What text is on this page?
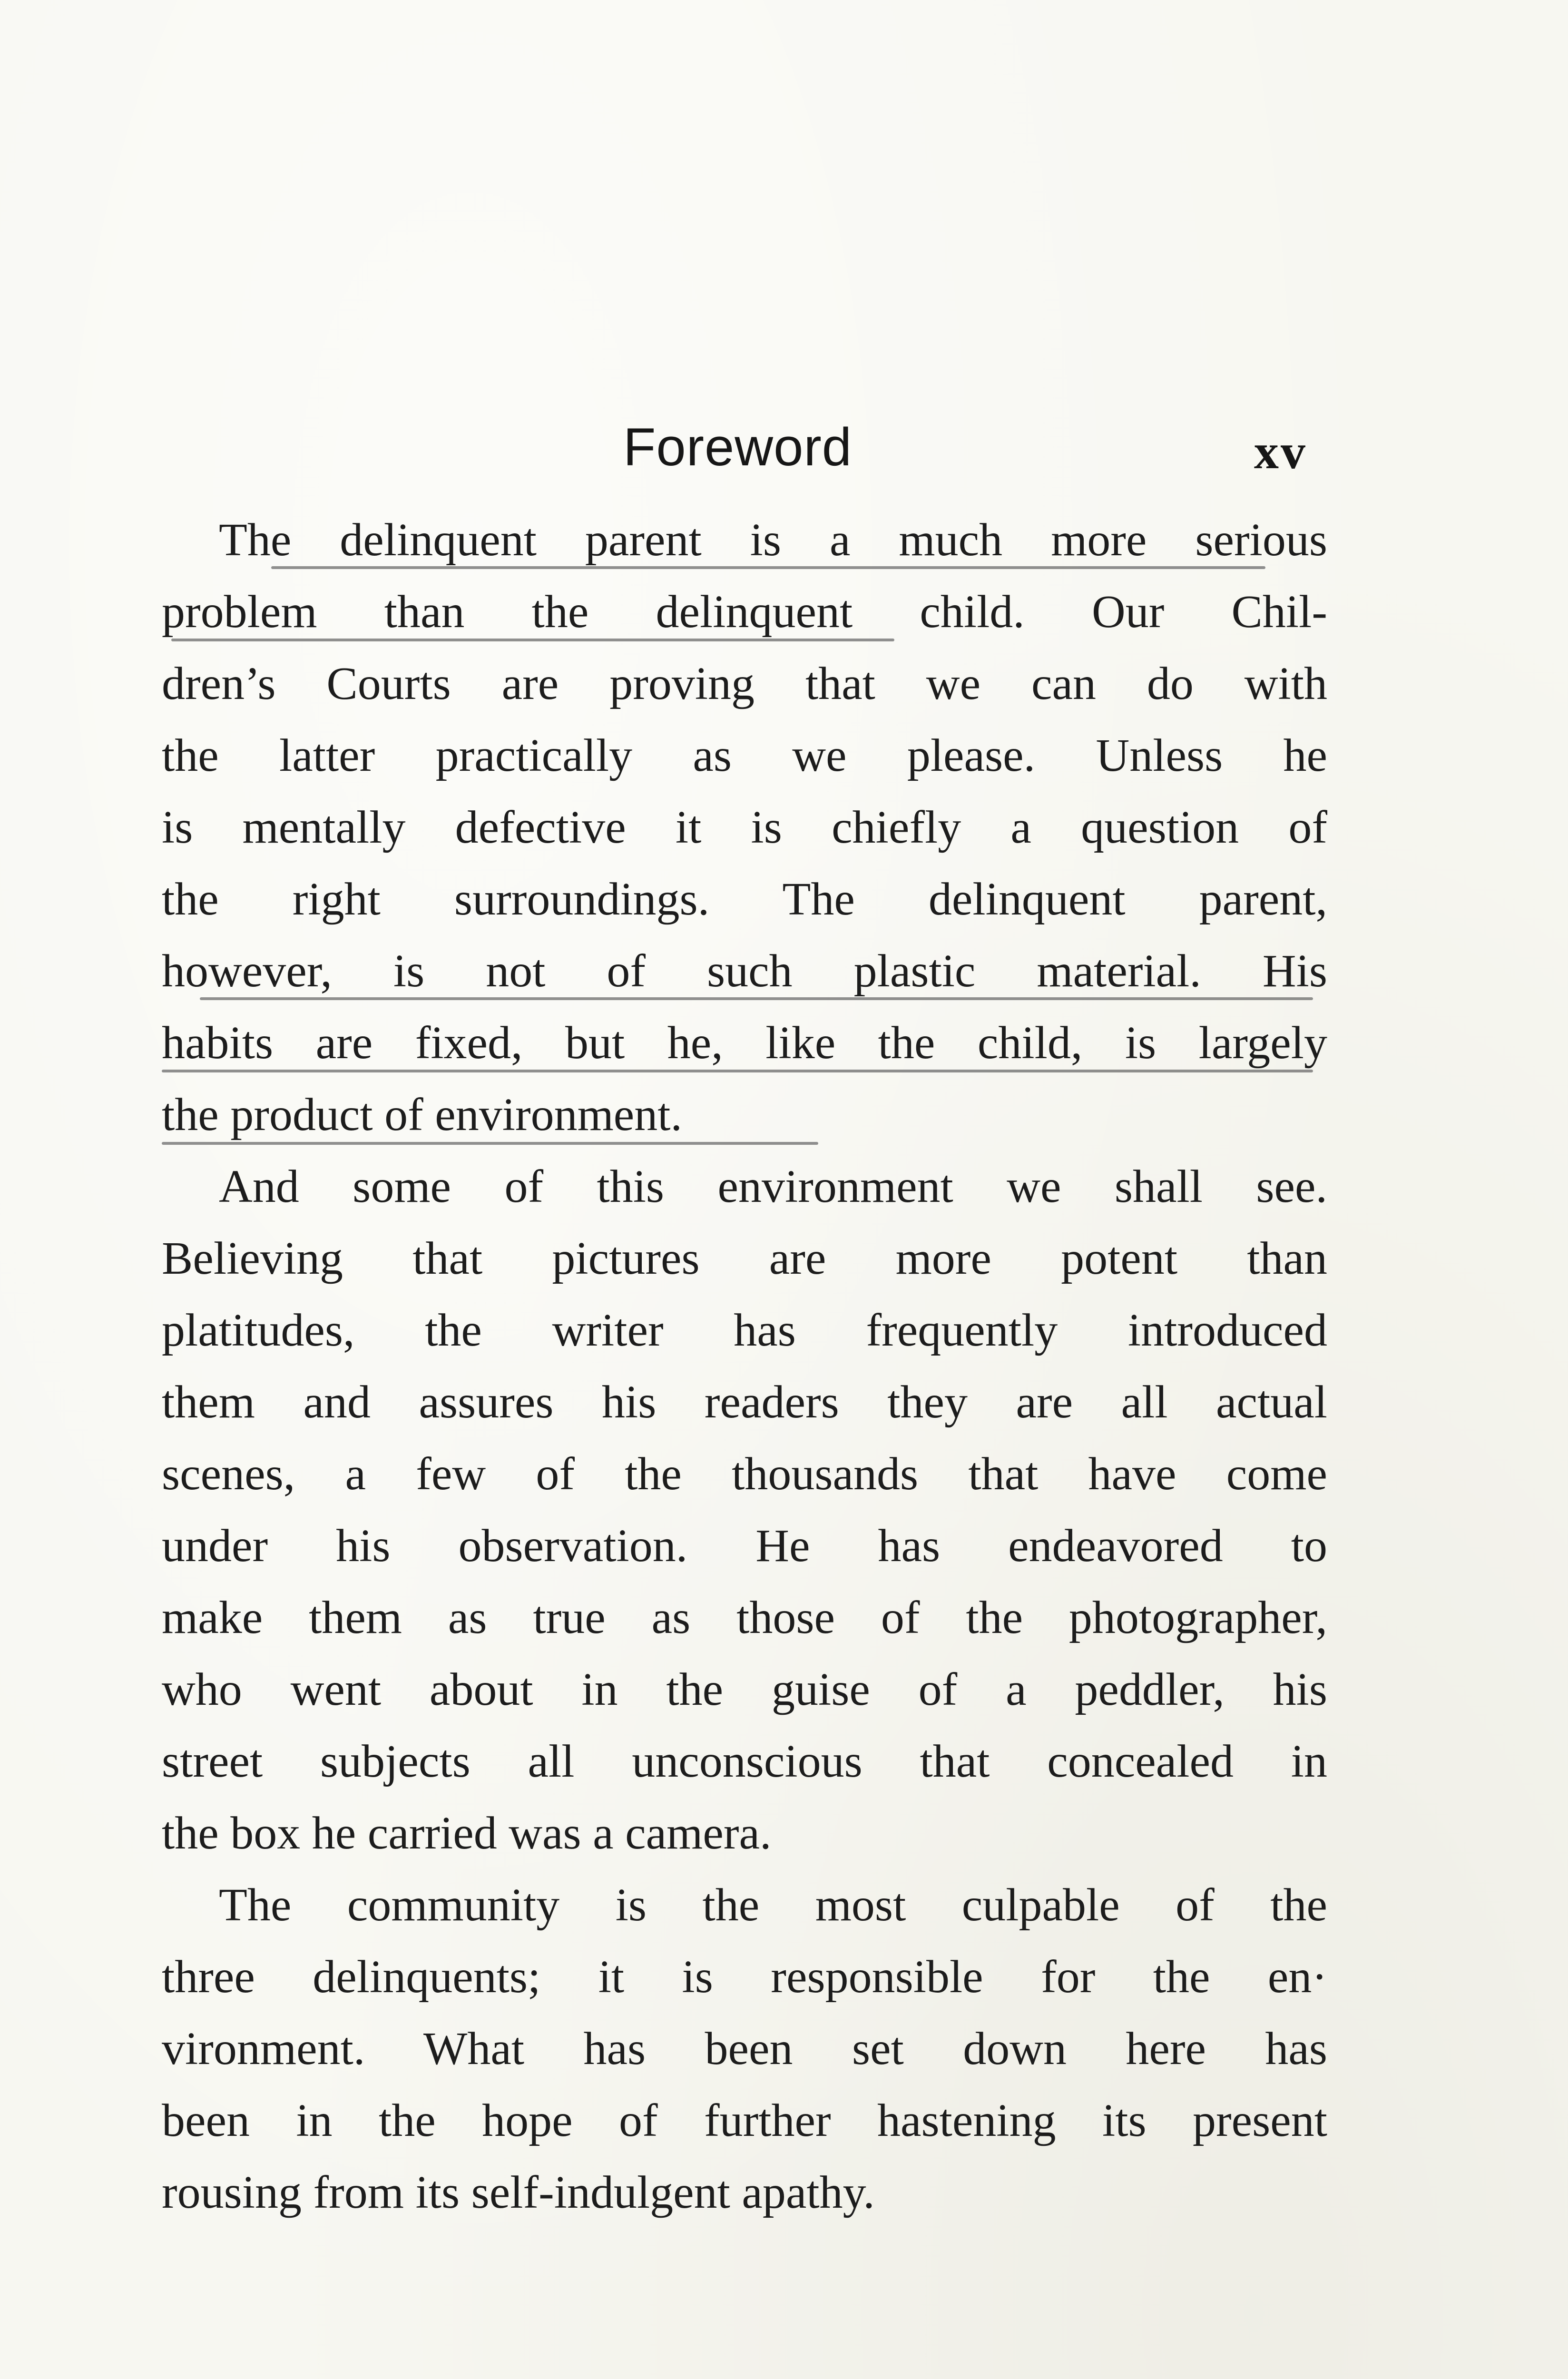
Foreword	xv
The delinquent parent is a much more serious
problem than the delinquent child. Our Chil-
dren’s Courts are proving that we can do with
the latter practically as we please. Unless he
is mentally defective it is chiefly a question of
the right surroundings. The delinquent parent,
however, is not of such plastic material. His
habits are fixed, but he, like the child, is largely
the product of environment.
And some of this environment we shall see.
Believing that pictures are more potent than
platitudes, the writer has frequently introduced
them and assures his readers they are all actual
scenes, a few of the thousands that have come
under his observation. He has endeavored to
make them as true as those of the photographer,
who went about in the guise of a peddler, his
street subjects all unconscious that concealed in
the box he carried was a camera.
The community is the most culpable of the
three delinquents; it is responsible for the en·
vironment. What has been set down here has
been in the hope of further hastening its present
rousing from its self-indulgent apathy.
